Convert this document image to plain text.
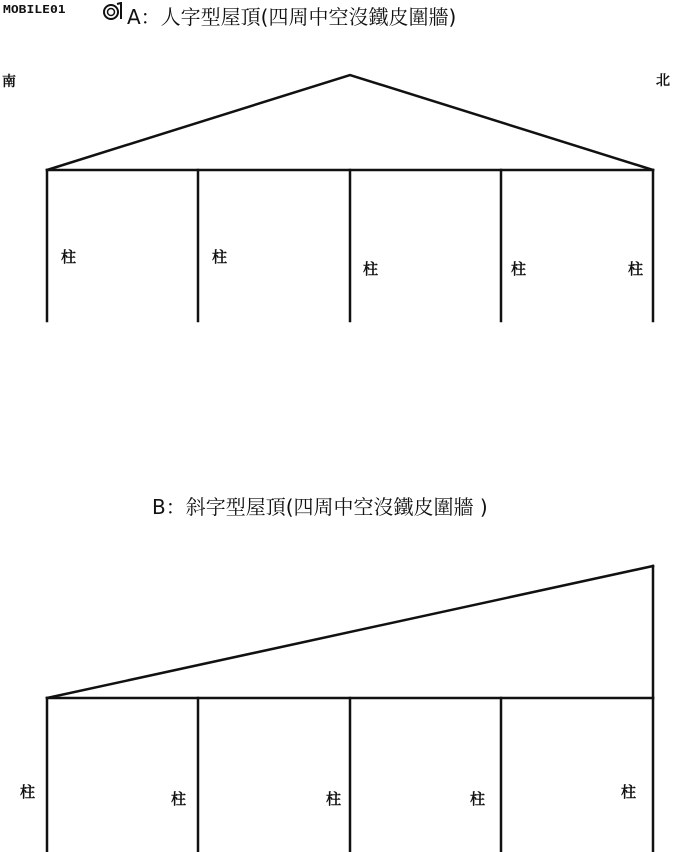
MOBILE01	A：人字型屋頂(四周中空沒鐵皮圍牆)
南	北
B：斜字型屋頂(四周中空沒鐵皮圍牆 )
柱	柱
柱	柱	柱
柱	柱	柱	柱	柱
